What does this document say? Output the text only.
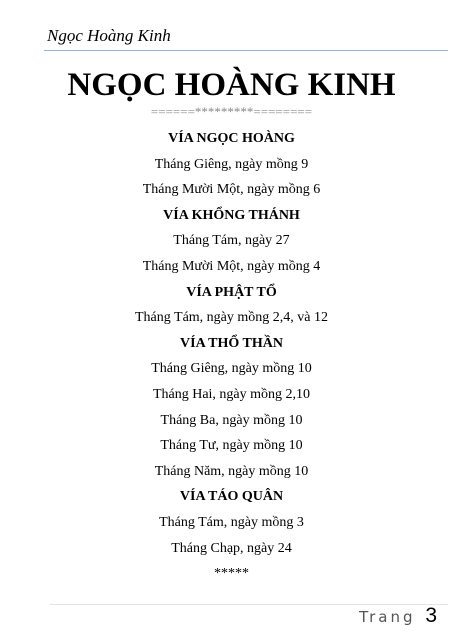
Ngọc Hoàng Kinh
NGỌC HOÀNG KINH
======*********========
VÍA NGỌC HOÀNG
Tháng Giêng, ngày mồng 9
Tháng Mười Một, ngày mồng 6
VÍA KHỔNG THÁNH
Tháng Tám, ngày 27
Tháng Mười Một, ngày mồng 4
VÍA PHẬT TỔ
Tháng Tám, ngày mồng 2,4, và 12
VÍA THỔ THẦN
Tháng Giêng, ngày mồng 10
Tháng Hai, ngày mồng 2,10
Tháng Ba, ngày mồng 10
Tháng Tư, ngày mồng 10
Tháng Năm, ngày mồng 10
VÍA TÁO QUÂN
Tháng Tám, ngày mồng 3
Tháng Chạp, ngày 24
*****
Trang 3
